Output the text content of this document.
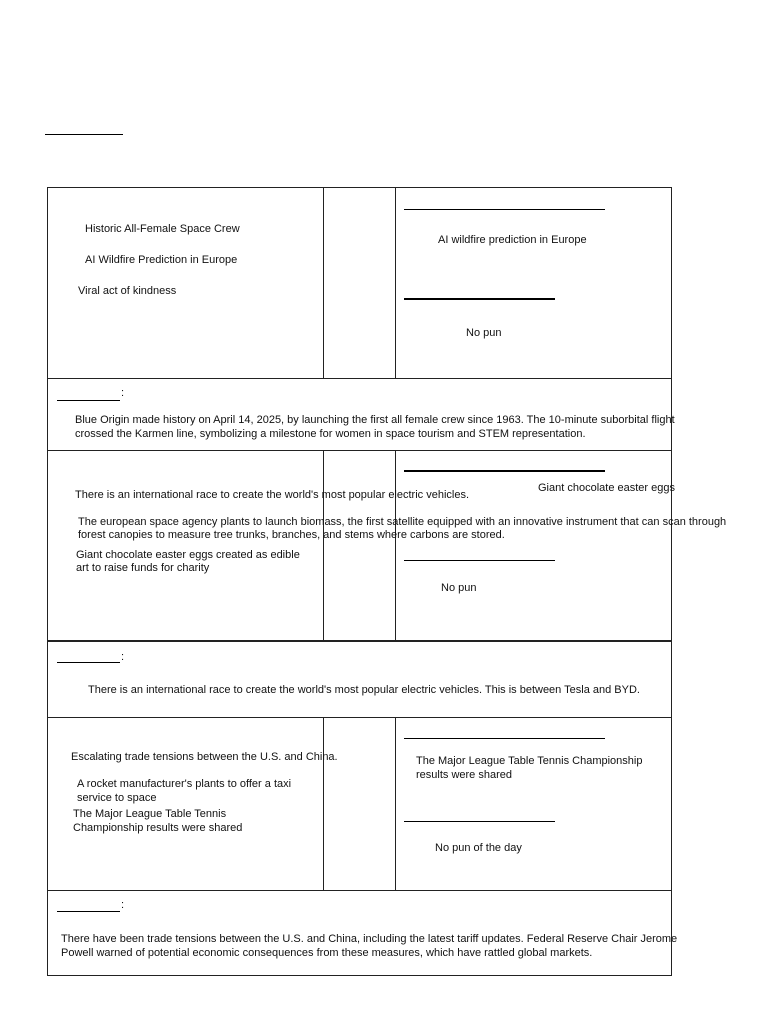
Historic All-Female Space Crew
AI Wildfire Prediction in Europe
Viral act of kindness
AI wildfire prediction in Europe
No pun
:
Blue Origin made history on April 14, 2025, by launching the first all female crew since 1963. The 10-minute suborbital flight
crossed the Karmen line, symbolizing a milestone for women in space tourism and STEM representation.
There is an international race to create the world's most popular electric vehicles.
The european space agency plants to launch biomass, the first satellite equipped with an innovative instrument that can scan through
forest canopies to measure tree trunks, branches, and stems where carbons are stored.
Giant chocolate easter eggs created as edible
art to raise funds for charity
Giant chocolate easter eggs
No pun
:
There is an international race to create the world's most popular electric vehicles. This is between Tesla and BYD.
Escalating trade tensions between the U.S. and China.
A rocket manufacturer's plants to offer a taxi
service to space
The Major League Table Tennis
Championship results were shared
The Major League Table Tennis Championship
results were shared
No pun of the day
:
There have been trade tensions between the U.S. and China, including the latest tariff updates. Federal Reserve Chair Jerome
Powell warned of potential economic consequences from these measures, which have rattled global markets.
